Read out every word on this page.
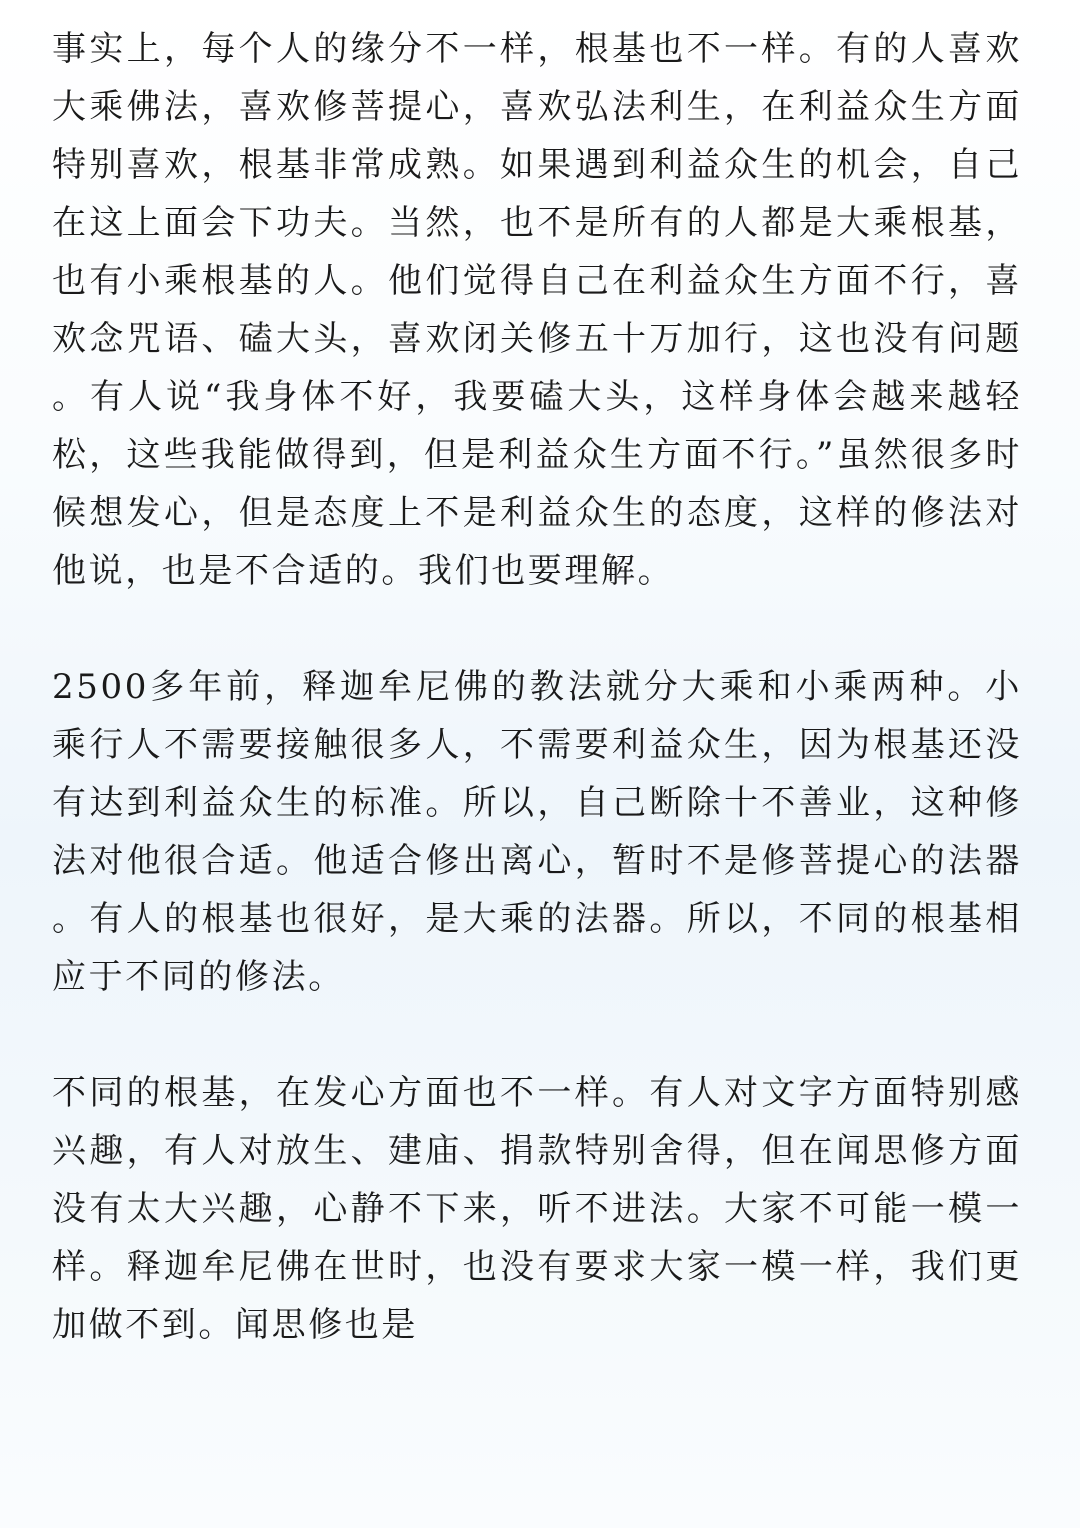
事实上，每个人的缘分不一样，根基也不一样。有的人喜欢大乘佛法，喜欢修菩提心，喜欢弘法利生，在利益众生方面特别喜欢，根基非常成熟。如果遇到利益众生的机会，自己在这上面会下功夫。当然，也不是所有的人都是大乘根基，也有小乘根基的人。他们觉得自己在利益众生方面不行，喜欢念咒语、磕大头，喜欢闭关修五十万加行，这也没有问题。有人说“我身体不好，我要磕大头，这样身体会越来越轻松，这些我能做得到，但是利益众生方面不行。”虽然很多时候想发心，但是态度上不是利益众生的态度，这样的修法对他说，也是不合适的。我们也要理解。

2500多年前，释迦牟尼佛的教法就分大乘和小乘两种。小乘行人不需要接触很多人，不需要利益众生，因为根基还没有达到利益众生的标准。所以，自己断除十不善业，这种修法对他很合适。他适合修出离心，暂时不是修菩提心的法器。有人的根基也很好，是大乘的法器。所以，不同的根基相应于不同的修法。

不同的根基，在发心方面也不一样。有人对文字方面特别感兴趣，有人对放生、建庙、捐款特别舍得，但在闻思修方面没有太大兴趣，心静不下来，听不进法。大家不可能一模一样。释迦牟尼佛在世时，也没有要求大家一模一样，我们更加做不到。闻思修也是
